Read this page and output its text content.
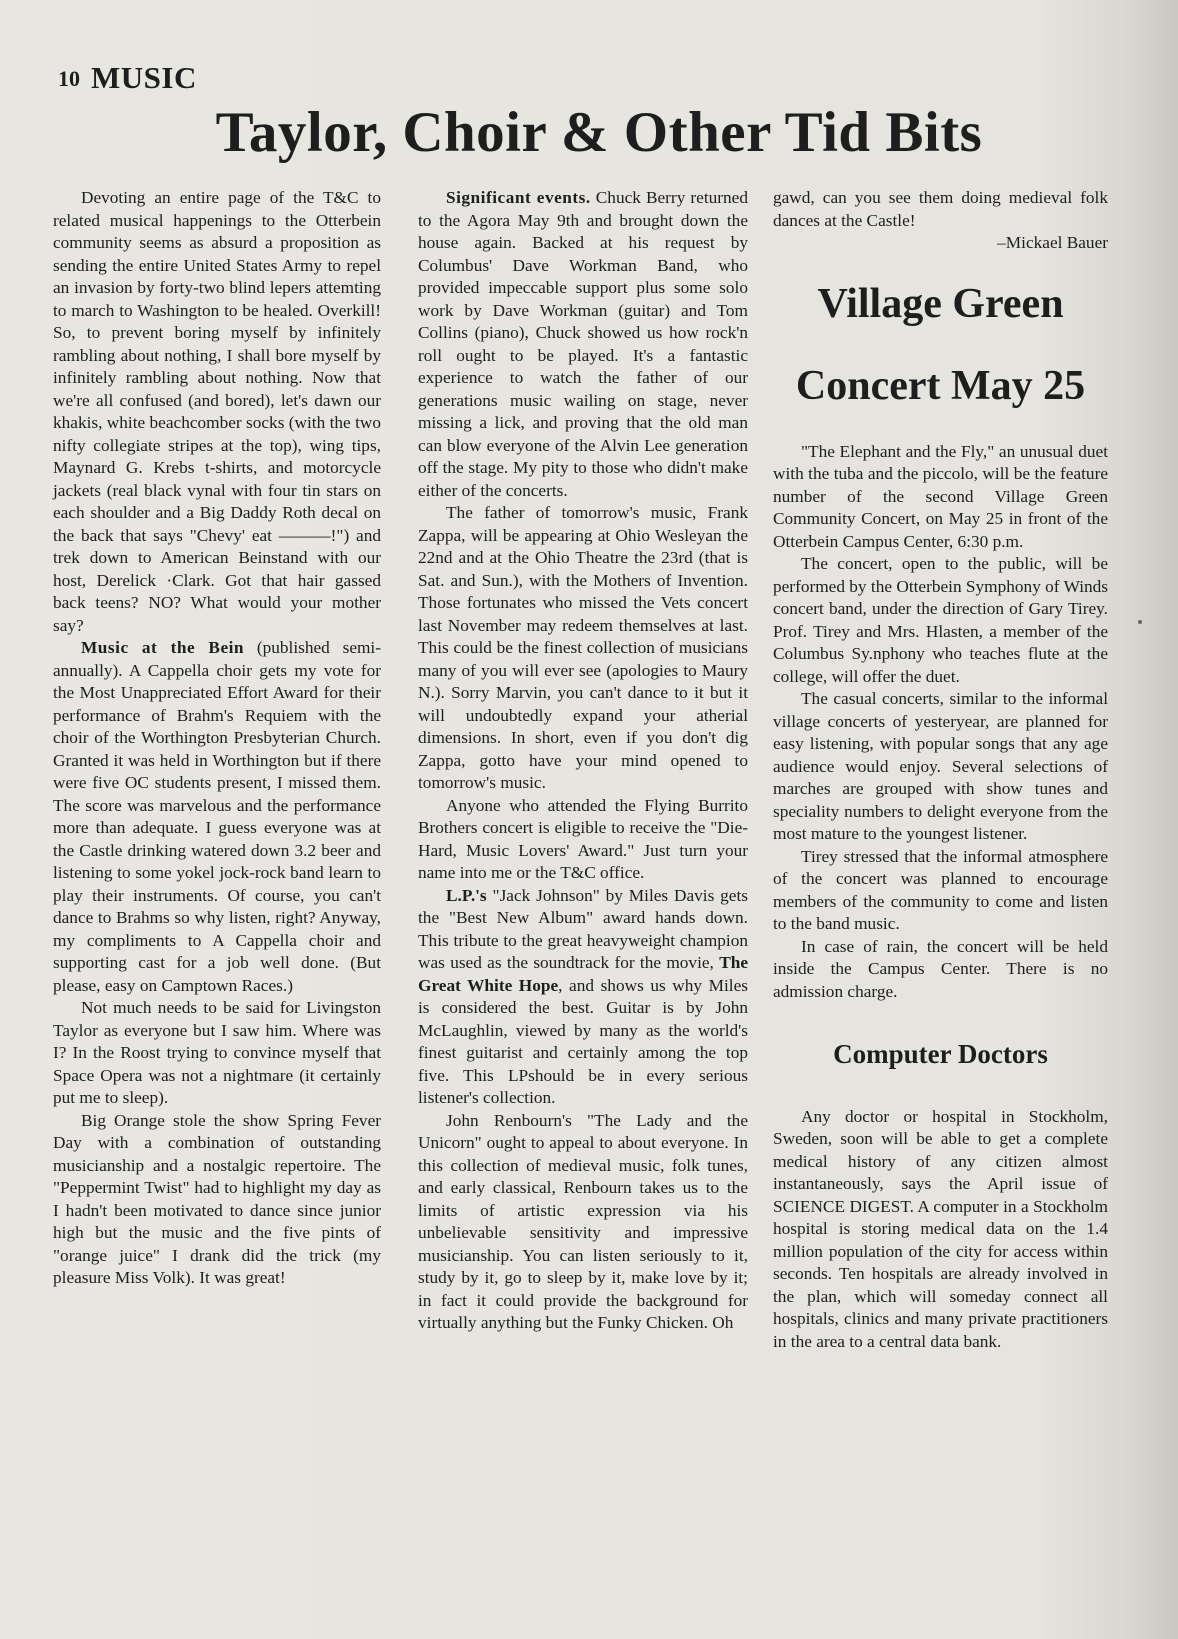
10 MUSIC
Taylor, Choir & Other Tid Bits

Devoting an entire page of the T&C to related musical happenings to the Otterbein community seems as absurd a proposition as sending the entire United States Army to repel an invasion by forty-two blind lepers attemting to march to Washington to be healed. Overkill! So, to prevent boring myself by infinitely rambling about nothing, I shall bore myself by infinitely rambling about nothing. Now that we're all confused (and bored), let's dawn our khakis, white beachcomber socks (with the two nifty collegiate stripes at the top), wing tips, Maynard G. Krebs t-shirts, and motorcycle jackets (real black vynal with four tin stars on each shoulder and a Big Daddy Roth decal on the back that says "Chevy' eat ———!") and trek down to American Beinstand with our host, Derelick ·Clark. Got that hair gassed back teens? NO? What would your mother say?

Music at the Bein (published semi-annually). A Cappella choir gets my vote for the Most Unappreciated Effort Award for their performance of Brahm's Requiem with the choir of the Worthington Presbyterian Church. Granted it was held in Worthington but if there were five OC students present, I missed them. The score was marvelous and the performance more than adequate. I guess everyone was at the Castle drinking watered down 3.2 beer and listening to some yokel jock-rock band learn to play their instruments. Of course, you can't dance to Brahms so why listen, right? Anyway, my compliments to A Cappella choir and supporting cast for a job well done. (But please, easy on Camptown Races.)

Not much needs to be said for Livingston Taylor as everyone but I saw him. Where was I? In the Roost trying to convince myself that Space Opera was not a nightmare (it certainly put me to sleep).

Big Orange stole the show Spring Fever Day with a combination of outstanding musicianship and a nostalgic repertoire. The "Peppermint Twist" had to highlight my day as I hadn't been motivated to dance since junior high but the music and the five pints of "orange juice" I drank did the trick (my pleasure Miss Volk). It was great!

Significant events. Chuck Berry returned to the Agora May 9th and brought down the house again. Backed at his request by Columbus' Dave Workman Band, who provided impeccable support plus some solo work by Dave Workman (guitar) and Tom Collins (piano), Chuck showed us how rock'n roll ought to be played. It's a fantastic experience to watch the father of our generations music wailing on stage, never missing a lick, and proving that the old man can blow everyone of the Alvin Lee generation off the stage. My pity to those who didn't make either of the concerts.

The father of tomorrow's music, Frank Zappa, will be appearing at Ohio Wesleyan the 22nd and at the Ohio Theatre the 23rd (that is Sat. and Sun.), with the Mothers of Invention. Those fortunates who missed the Vets concert last November may redeem themselves at last. This could be the finest collection of musicians many of you will ever see (apologies to Maury N.). Sorry Marvin, you can't dance to it but it will undoubtedly expand your atherial dimensions. In short, even if you don't dig Zappa, gotto have your mind opened to tomorrow's music.

Anyone who attended the Flying Burrito Brothers concert is eligible to receive the "Die-Hard, Music Lovers' Award." Just turn your name into me or the T&C office.

L.P.'s "Jack Johnson" by Miles Davis gets the "Best New Album" award hands down. This tribute to the great heavyweight champion was used as the soundtrack for the movie, The Great White Hope, and shows us why Miles is considered the best. Guitar is by John McLaughlin, viewed by many as the world's finest guitarist and certainly among the top five. This LPshould be in every serious listener's collection.

John Renbourn's "The Lady and the Unicorn" ought to appeal to about everyone. In this collection of medieval music, folk tunes, and early classical, Renbourn takes us to the limits of artistic expression via his unbelievable sensitivity and impressive musicianship. You can listen seriously to it, study by it, go to sleep by it, make love by it; in fact it could provide the background for virtually anything but the Funky Chicken. Oh

gawd, can you see them doing medieval folk dances at the Castle!

–Mickael Bauer

Village Green
Concert May 25

"The Elephant and the Fly," an unusual duet with the tuba and the piccolo, will be the feature number of the second Village Green Community Concert, on May 25 in front of the Otterbein Campus Center, 6:30 p.m.

The concert, open to the public, will be performed by the Otterbein Symphony of Winds concert band, under the direction of Gary Tirey. Prof. Tirey and Mrs. Hlasten, a member of the Columbus Sy.nphony who teaches flute at the college, will offer the duet.

The casual concerts, similar to the informal village concerts of yesteryear, are planned for easy listening, with popular songs that any age audience would enjoy. Several selections of marches are grouped with show tunes and speciality numbers to delight everyone from the most mature to the youngest listener.

Tirey stressed that the informal atmosphere of the concert was planned to encourage members of the community to come and listen to the band music.

In case of rain, the concert will be held inside the Campus Center. There is no admission charge.

Computer Doctors

Any doctor or hospital in Stockholm, Sweden, soon will be able to get a complete medical history of any citizen almost instantaneously, says the April issue of SCIENCE DIGEST. A computer in a Stockholm hospital is storing medical data on the 1.4 million population of the city for access within seconds. Ten hospitals are already involved in the plan, which will someday connect all hospitals, clinics and many private practitioners in the area to a central data bank.
